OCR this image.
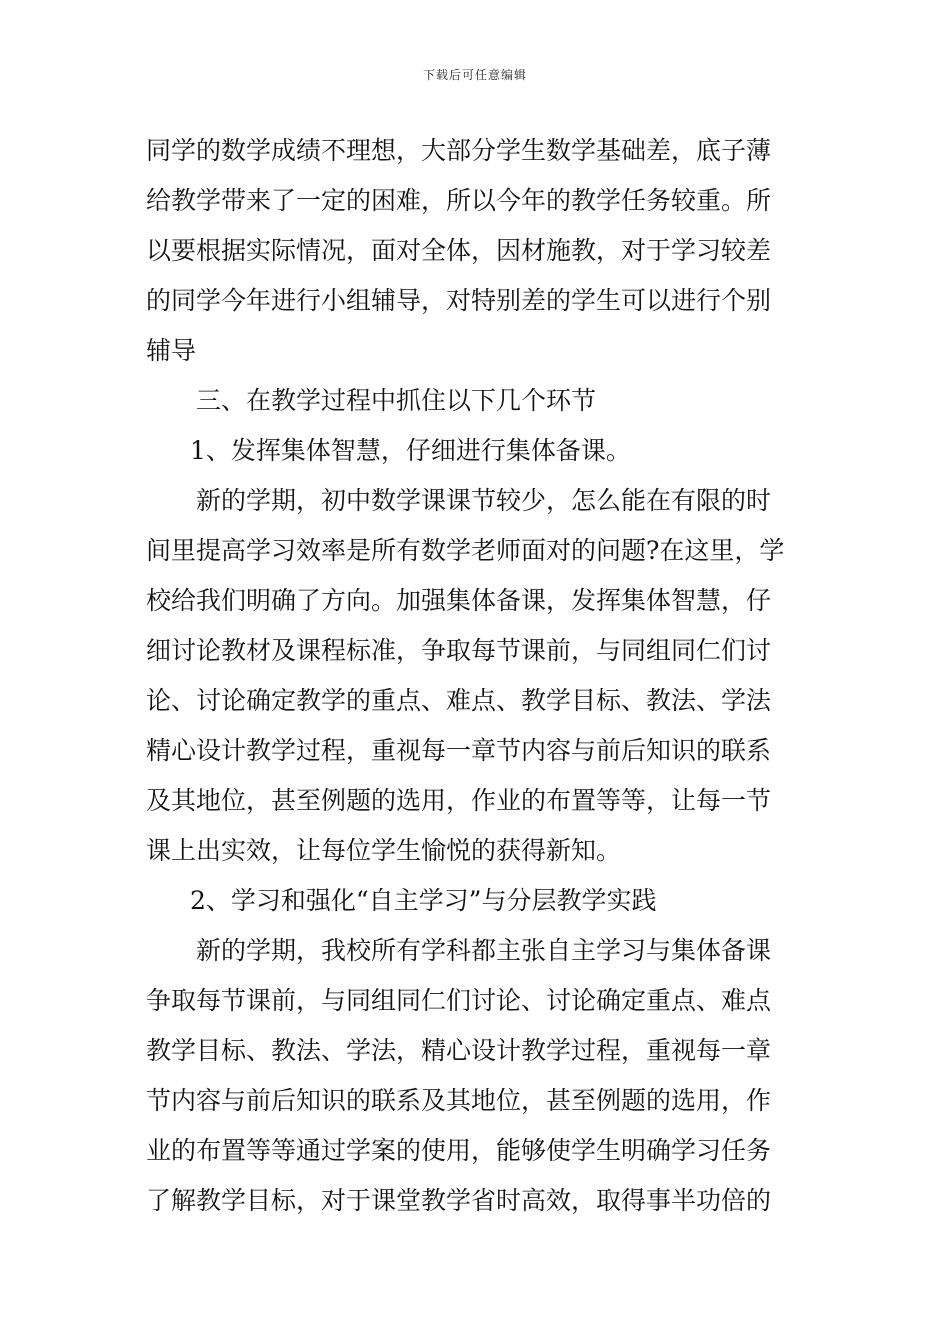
下载后可任意编辑
同学的数学成绩不理想，大部分学生数学基础差，底子薄
给教学带来了一定的困难，所以今年的教学任务较重。所
以要根据实际情况，面对全体，因材施教，对于学习较差
的同学今年进行小组辅导，对特别差的学生可以进行个别
辅导
三、在教学过程中抓住以下几个环节
1、发挥集体智慧，仔细进行集体备课。
新的学期，初中数学课课节较少，怎么能在有限的时
间里提高学习效率是所有数学老师面对的问题?在这里，学
校给我们明确了方向。加强集体备课，发挥集体智慧，仔
细讨论教材及课程标准，争取每节课前，与同组同仁们讨
论、讨论确定教学的重点、难点、教学目标、教法、学法
精心设计教学过程，重视每一章节内容与前后知识的联系
及其地位，甚至例题的选用，作业的布置等等，让每一节
课上出实效，让每位学生愉悦的获得新知。
2、学习和强化“自主学习”与分层教学实践
新的学期，我校所有学科都主张自主学习与集体备课
争取每节课前，与同组同仁们讨论、讨论确定重点、难点
教学目标、教法、学法，精心设计教学过程，重视每一章
节内容与前后知识的联系及其地位，甚至例题的选用，作
业的布置等等通过学案的使用，能够使学生明确学习任务
了解教学目标，对于课堂教学省时高效，取得事半功倍的
